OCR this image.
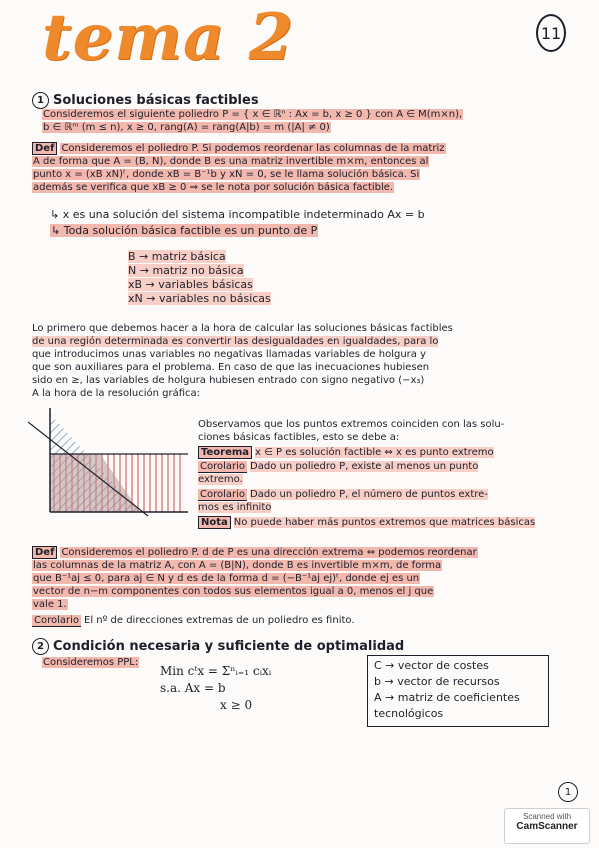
tema 2	11
1 Soluciones básicas factibles
Consideremos el siguiente poliedro P = { x ∈ ℝⁿ : Ax = b, x ≥ 0 } con A ∈ M(m×n),
b ∈ ℝᵐ (m ≤ n), x ≥ 0, rang(A) = rang(A|b) = m (|A| ≠ 0)
Def Consideremos el poliedro P. Si podemos reordenar las columnas de la matriz
A de forma que A = (B, N), donde B es una matriz invertible m×m, entonces al
punto x = (xB xN)ᵗ, donde xB = B⁻¹b y xN = 0, se le llama solución básica. Si
además se verifica que xB ≥ 0 ⇒ se le nota por solución básica factible.
↳ x es una solución del sistema incompatible indeterminado Ax = b
↳ Toda solución básica factible es un punto de P
B → matriz básica
N → matriz no básica
xB → variables básicas
xN → variables no básicas
Lo primero que debemos hacer a la hora de calcular las soluciones básicas factibles
de una región determinada es convertir las desigualdades en igualdades, para lo
que introducimos unas variables no negativas llamadas variables de holgura y
que son auxiliares para el problema. En caso de que las inecuaciones hubiesen
sido en ≥, las variables de holgura hubiesen entrado con signo negativo (−x₃)
A la hora de la resolución gráfica:
Observamos que los puntos extremos coinciden con las solu-
ciones básicas factibles, esto se debe a:
Teorema x ∈ P es solución factible ⇔ x es punto extremo
Corolario Dado un poliedro P, existe al menos un punto
extremo.
Corolario Dado un poliedro P, el número de puntos extre-
mos es infinito
Nota No puede haber más puntos extremos que matrices básicas
Def Consideremos el poliedro P. d de P es una dirección extrema ⇔ podemos reordenar
las columnas de la matriz A, con A = (B|N), donde B es invertible m×m, de forma
que B⁻¹aj ≤ 0, para aj ∈ N y d es de la forma d = (−B⁻¹aj ej)ᵗ, donde ej es un
vector de n−m componentes con todos sus elementos igual a 0, menos el j que
vale 1.
Corolario El nº de direcciones extremas de un poliedro es finito.
2 Condición necesaria y suficiente de optimalidad
Consideremos PPL:
Min cᵗx = Σⁿᵢ₌₁ cᵢxᵢ
s.a. Ax = b
x ≥ 0
C → vector de costes
b → vector de recursos
A → matriz de coeficientes
tecnológicos
1
Scanned with
CamScanner
